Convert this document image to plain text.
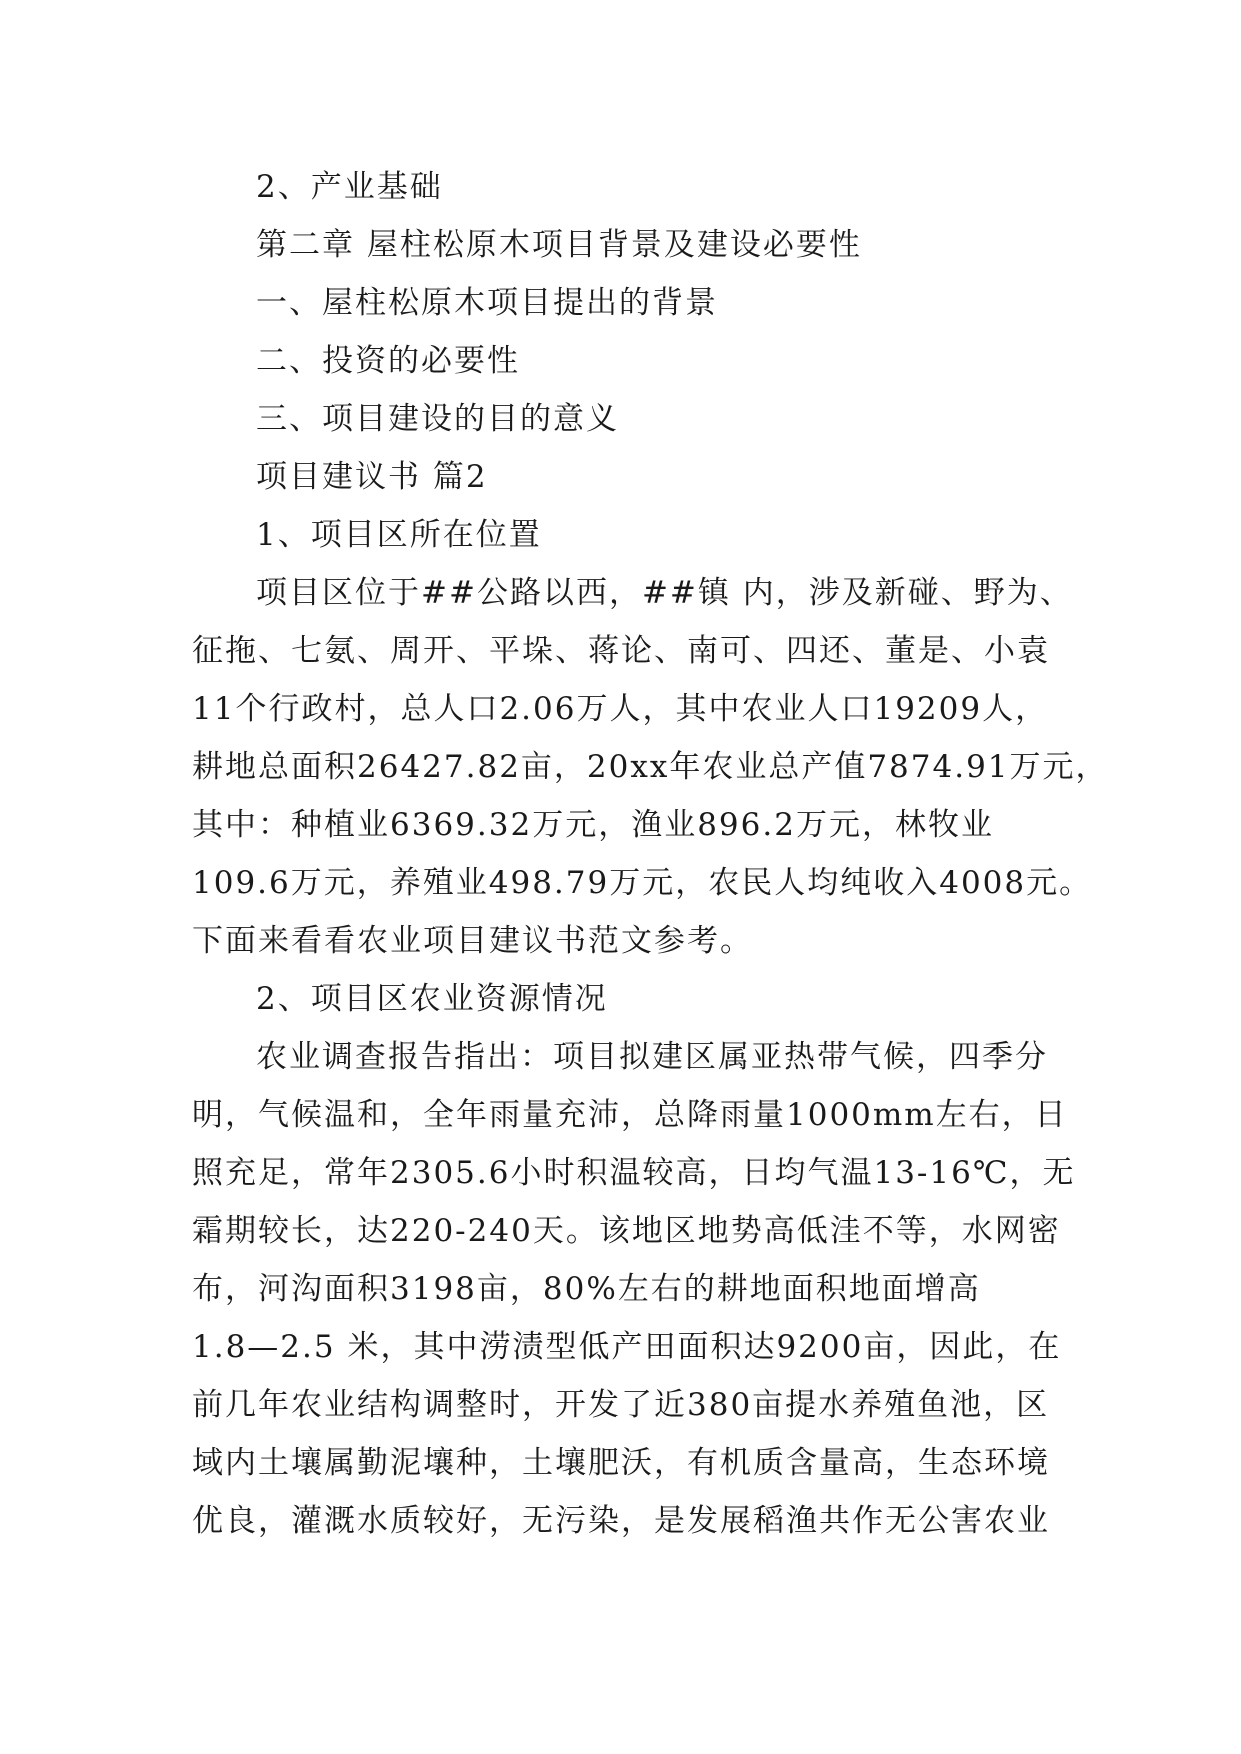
2、产业基础
第二章 屋柱松原木项目背景及建设必要性
一、屋柱松原木项目提出的背景
二、投资的必要性
三、项目建设的目的意义
项目建议书 篇2
1、项目区所在位置
项目区位于##公路以西，##镇 内，涉及新碰、野为、
征拖、七氨、周开、平垛、蒋论、南可、四还、董是、小袁
11个行政村，总人口2.06万人，其中农业人口19209人，
耕地总面积26427.82亩，20xx年农业总产值7874.91万元，
其中：种植业6369.32万元，渔业896.2万元，林牧业
109.6万元，养殖业498.79万元，农民人均纯收入4008元。
下面来看看农业项目建议书范文参考。
2、项目区农业资源情况
农业调查报告指出：项目拟建区属亚热带气候，四季分
明，气候温和，全年雨量充沛，总降雨量1000mm左右，日
照充足，常年2305.6小时积温较高，日均气温13-16℃，无
霜期较长，达220-240天。该地区地势高低洼不等，水网密
布，河沟面积3198亩，80%左右的耕地面积地面增高
1.8—2.5 米，其中涝渍型低产田面积达9200亩，因此，在
前几年农业结构调整时，开发了近380亩提水养殖鱼池，区
域内土壤属勤泥壤种，土壤肥沃，有机质含量高，生态环境
优良，灌溉水质较好，无污染，是发展稻渔共作无公害农业
